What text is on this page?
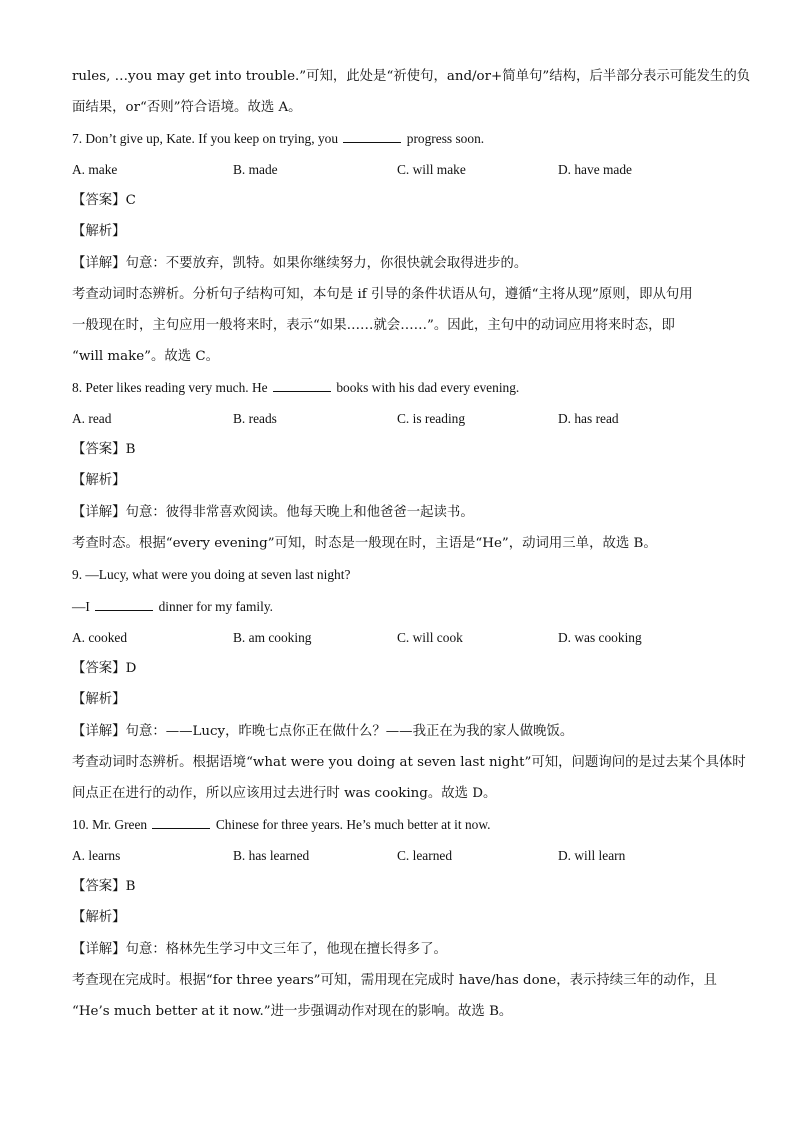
rules, …you may get into trouble.”可知，此处是“祈使句，and/or+简单句”结构，后半部分表示可能发生的负
面结果，or“否则”符合语境。故选 A。
7. Don’t give up, Kate. If you keep on trying, you	progress soon.
A. make	B. made	C. will make	D. have made
【答案】C
【解析】
【详解】句意：不要放弃，凯特。如果你继续努力，你很快就会取得进步的。
考查动词时态辨析。分析句子结构可知，本句是 if 引导的条件状语从句，遵循“主将从现”原则，即从句用
一般现在时，主句应用一般将来时，表示“如果……就会……”。因此，主句中的动词应用将来时态，即
“will make”。故选 C。
8. Peter likes reading very much. He	books with his dad every evening.
A. read	B. reads	C. is reading	D. has read
【答案】B
【解析】
【详解】句意：彼得非常喜欢阅读。他每天晚上和他爸爸一起读书。
考查时态。根据“every evening”可知，时态是一般现在时，主语是“He”，动词用三单，故选 B。
9. —Lucy, what were you doing at seven last night?
—I	dinner for my family.
A. cooked	B. am cooking	C. will cook	D. was cooking
【答案】D
【解析】
【详解】句意：——Lucy，昨晚七点你正在做什么？——我正在为我的家人做晚饭。
考查动词时态辨析。根据语境“what were you doing at seven last night”可知，问题询问的是过去某个具体时
间点正在进行的动作，所以应该用过去进行时 was cooking。故选 D。
10. Mr. Green	Chinese for three years. He’s much better at it now.
A. learns	B. has learned	C. learned	D. will learn
【答案】B
【解析】
【详解】句意：格林先生学习中文三年了，他现在擅长得多了。
考查现在完成时。根据“for three years”可知，需用现在完成时 have/has done，表示持续三年的动作，且
“He’s much better at it now.”进一步强调动作对现在的影响。故选 B。
